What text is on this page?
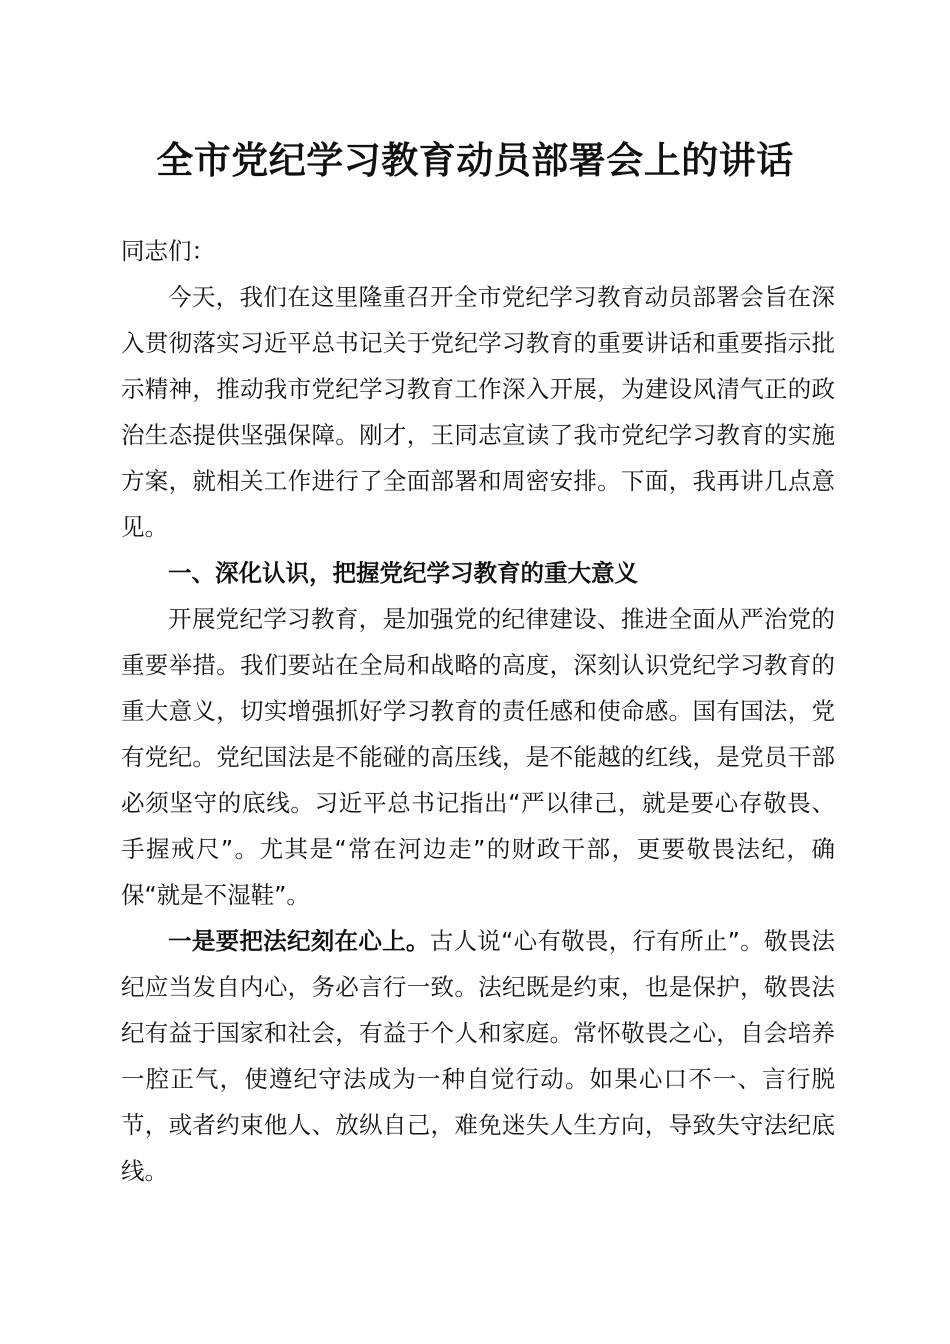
全市党纪学习教育动员部署会上的讲话

同志们：

今天，我们在这里隆重召开全市党纪学习教育动员部署会旨在深入贯彻落实习近平总书记关于党纪学习教育的重要讲话和重要指示批示精神，推动我市党纪学习教育工作深入开展，为建设风清气正的政治生态提供坚强保障。刚才，王同志宣读了我市党纪学习教育的实施方案，就相关工作进行了全面部署和周密安排。下面，我再讲几点意见。

一、深化认识，把握党纪学习教育的重大意义

开展党纪学习教育，是加强党的纪律建设、推进全面从严治党的重要举措。我们要站在全局和战略的高度，深刻认识党纪学习教育的重大意义，切实增强抓好学习教育的责任感和使命感。国有国法，党有党纪。党纪国法是不能碰的高压线，是不能越的红线，是党员干部必须坚守的底线。习近平总书记指出“严以律己，就是要心存敬畏、手握戒尺”。尤其是“常在河边走”的财政干部，更要敬畏法纪，确保“就是不湿鞋”。

一是要把法纪刻在心上。古人说“心有敬畏，行有所止”。敬畏法纪应当发自内心，务必言行一致。法纪既是约束，也是保护，敬畏法纪有益于国家和社会，有益于个人和家庭。常怀敬畏之心，自会培养一腔正气，使遵纪守法成为一种自觉行动。如果心口不一、言行脱节，或者约束他人、放纵自己，难免迷失人生方向，导致失守法纪底线。
